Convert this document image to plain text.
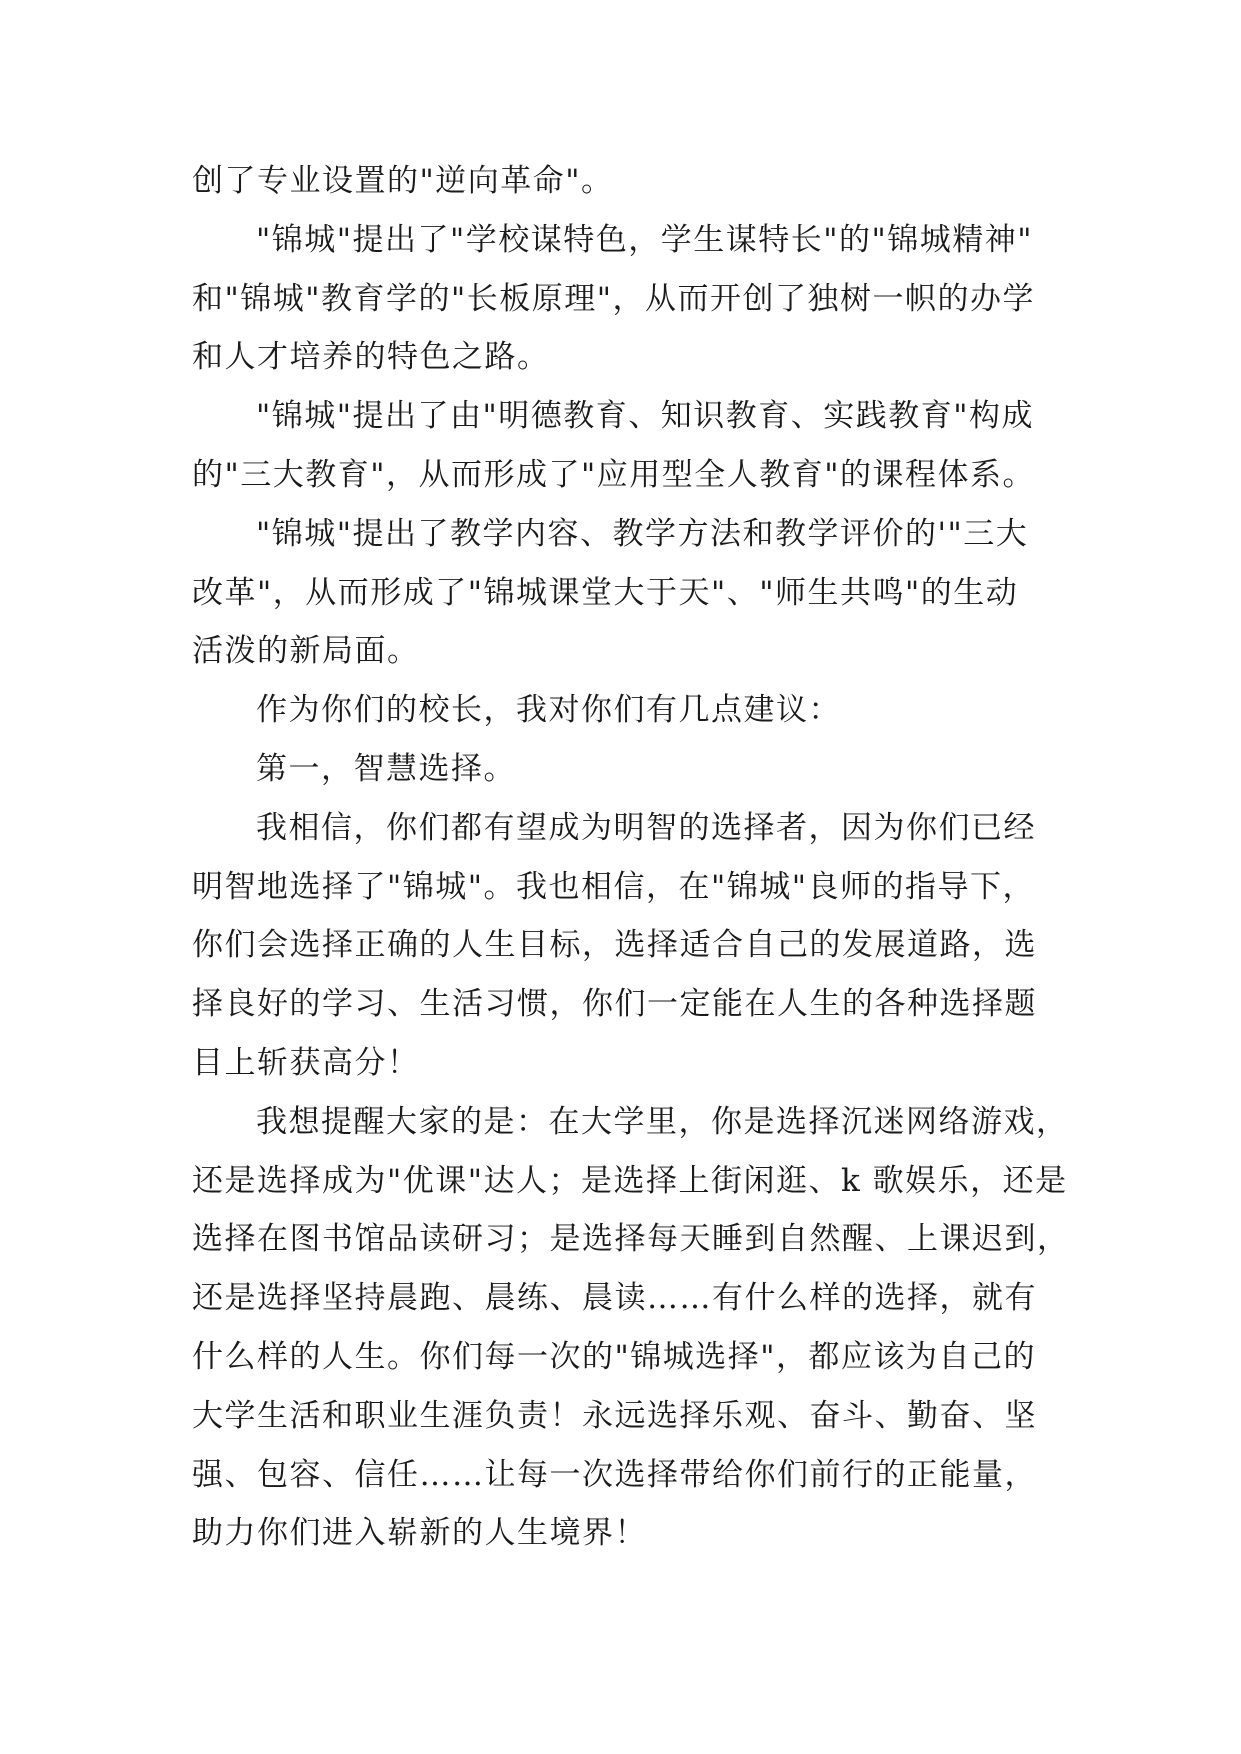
创了专业设置的"逆向革命"。
"锦城"提出了"学校谋特色，学生谋特长"的"锦城精神"
和"锦城"教育学的"长板原理"，从而开创了独树一帜的办学
和人才培养的特色之路。
"锦城"提出了由"明德教育、知识教育、实践教育"构成
的"三大教育"，从而形成了"应用型全人教育"的课程体系。
"锦城"提出了教学内容、教学方法和教学评价的'"三大
改革"，从而形成了"锦城课堂大于天"、"师生共鸣"的生动
活泼的新局面。
作为你们的校长，我对你们有几点建议：
第一，智慧选择。
我相信，你们都有望成为明智的选择者，因为你们已经
明智地选择了"锦城"。我也相信，在"锦城"良师的指导下，
你们会选择正确的人生目标，选择适合自己的发展道路，选
择良好的学习、生活习惯，你们一定能在人生的各种选择题
目上斩获高分！
我想提醒大家的是：在大学里，你是选择沉迷网络游戏，
还是选择成为"优课"达人；是选择上街闲逛、k 歌娱乐，还是
选择在图书馆品读研习；是选择每天睡到自然醒、上课迟到，
还是选择坚持晨跑、晨练、晨读……有什么样的选择，就有
什么样的人生。你们每一次的"锦城选择"，都应该为自己的
大学生活和职业生涯负责！永远选择乐观、奋斗、勤奋、坚
强、包容、信任……让每一次选择带给你们前行的正能量，
助力你们进入崭新的人生境界！
